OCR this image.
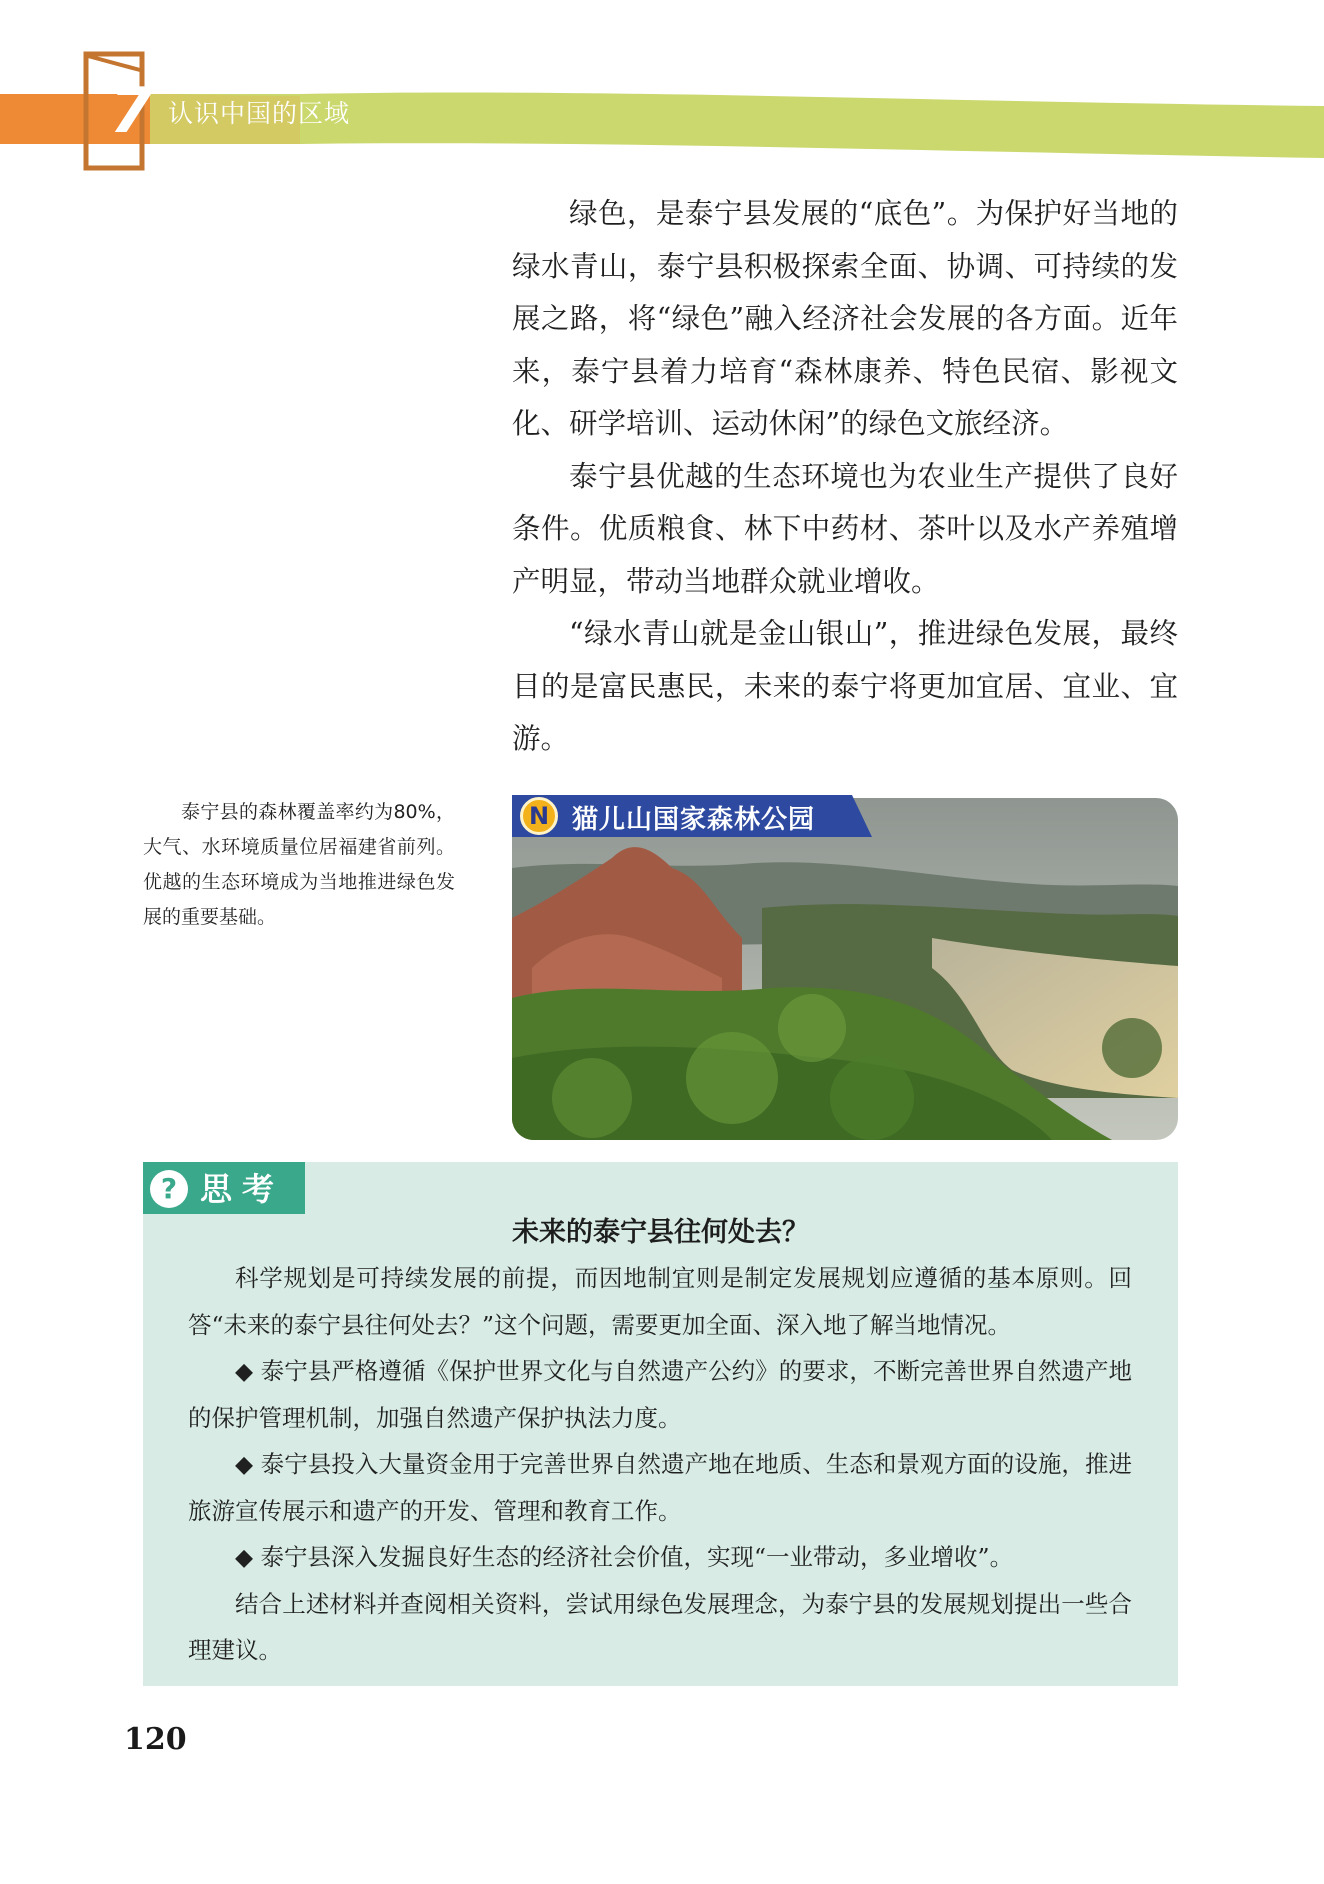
7 认识中国的区域

绿色，是泰宁县发展的“底色”。为保护好当地的绿水青山，泰宁县积极探索全面、协调、可持续的发展之路，将“绿色”融入经济社会发展的各方面。近年来，泰宁县着力培育“森林康养、特色民宿、影视文化、研学培训、运动休闲”的绿色文旅经济。

泰宁县优越的生态环境也为农业生产提供了良好条件。优质粮食、林下中药材、茶叶以及水产养殖增产明显，带动当地群众就业增收。

“绿水青山就是金山银山”，推进绿色发展，最终目的是富民惠民，未来的泰宁将更加宜居、宜业、宜游。

泰宁县的森林覆盖率约为80%，大气、水环境质量位居福建省前列。优越的生态环境成为当地推进绿色发展的重要基础。

N 猫儿山国家森林公园
? 思考
未来的泰宁县往何处去？

科学规划是可持续发展的前提，而因地制宜则是制定发展规划应遵循的基本原则。回答“未来的泰宁县往何处去？”这个问题，需要更加全面、深入地了解当地情况。

◆ 泰宁县严格遵循《保护世界文化与自然遗产公约》的要求，不断完善世界自然遗产地的保护管理机制，加强自然遗产保护执法力度。

◆ 泰宁县投入大量资金用于完善世界自然遗产地在地质、生态和景观方面的设施，推进旅游宣传展示和遗产的开发、管理和教育工作。

◆ 泰宁县深入发掘良好生态的经济社会价值，实现“一业带动，多业增收”。

结合上述材料并查阅相关资料，尝试用绿色发展理念，为泰宁县的发展规划提出一些合理建议。

120
